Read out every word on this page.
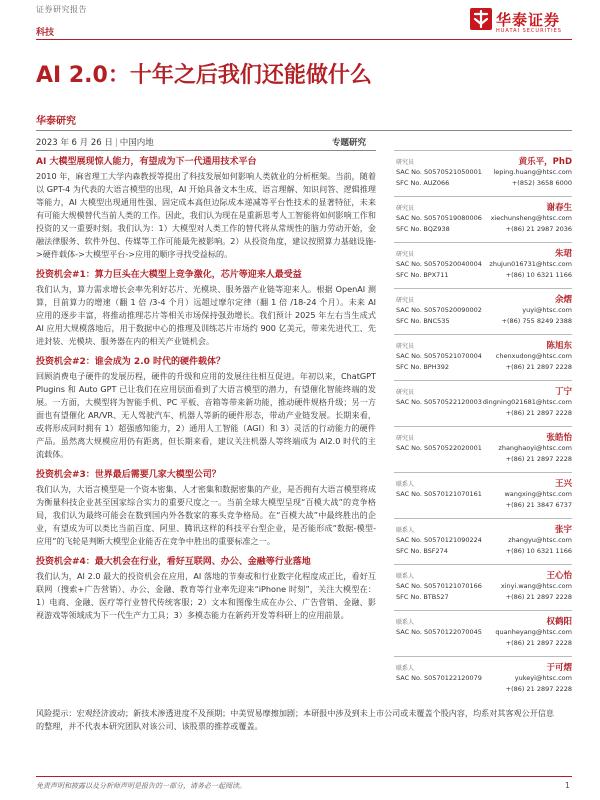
证券研究报告
科技
华泰证券
HUATAI SECURITIES
AI 2.0：十年之后我们还能做什么
华泰研究
2023 年 6 月 26 日 | 中国内地	专题研究
AI 大模型展现惊人能力，有望成为下一代通用技术平台

2010 年，麻省理工大学内森教授等提出了科技发展如何影响人类就业的分析框架。当前，随着以 GPT-4 为代表的大语言模型的出现，AI 开始具备文本生成、语言理解、知识问答、逻辑推理等能力，AI 大模型出现通用性强、固定成本高但边际成本递减等平台性技术的显著特征，未来有可能大规模替代当前人类的工作。因此，我们认为现在是重新思考人工智能将如何影响工作和投资的又一重要时刻。我们认为：1）大模型对人类工作的替代将从常规性的脑力劳动开始，金融法律服务、软件外包、传媒等工作可能最先被影响。2）从投资角度，建议按照算力基础设施->硬件载体->大模型平台->应用的顺序寻找受益标的。

投资机会#1：算力巨头在大模型上竞争激化，芯片等迎来人最受益

我们认为，算力需求增长会率先利好芯片、光模块、服务器产业链等迎来人。根据 OpenAI 测算，目前算力的增速（翻 1 倍 /3-4 个月）远超过摩尔定律（翻 1 倍 /18-24 个月）。未来 AI 应用的逐步丰富，将推动推理芯片等相关市场保持强劲增长。我们预计 2025 年左右当生成式 AI 应用大规模落地后，用于数据中心的推理及训练芯片市场约 900 亿美元，带来先进代工、先进封装、光模块、服务器在内的相关产业链机会。

投资机会#2：谁会成为 2.0 时代的硬件载体？

回顾消费电子硬件的发展历程，硬件的升级和应用的发展往往相互促进。年初以来，ChatGPT Plugins 和 Auto GPT 已让我们在应用层面看到了大语言模型的潜力，有望催化智能终端的发展。一方面，大模型将为智能手机、PC 平板、音箱等带来新功能，推动硬件规格升级；另一方面也有望催化 AR/VR、无人驾驶汽车、机器人等新的硬件形态，带动产业链发展。长期来看，或将形成同时拥有 1）超强感知能力，2）通用人工智能（AGI）和 3）灵活的行动能力的硬件产品。虽然离大规模应用仍有距离，但长期来看，建议关注机器人等终端成为 AI2.0 时代的主流载体。

投资机会#3：世界最后需要几家大模型公司？

我们认为，大语言模型是一个资本密集、人才密集和数据密集的产业，是否拥有大语言模型将成为衡量科技企业甚至国家综合实力的重要尺度之一。当前全球大模型呈现“百模大战”的竞争格局，我们认为最终可能会在数到国内外各数家的寡头竞争格局。在“百模大战”中最终胜出的企业，有望成为可以类比当前百度、阿里、腾讯这样的科技平台型企业，是否能形成“数据-模型-应用”的飞轮是判断大模型企业能否在竞争中胜出的重要标准之一。

投资机会#4：最大机会在行业，看好互联网、办公、金融等行业落地

我们认为，AI 2.0 最大的投资机会在应用，AI 落地的节奏或和行业数字化程度成正比，看好互联网（搜索+广告营销）、办公、金融、教育等行业率先迎来“iPhone 时刻”，关注大模型在：1）电商、金融、医疗等行业替代传统客服；2）文本和图像生成在办公、广告营销、金融、影视游戏等领域成为下一代生产力工具；3）多模态能力在新药开发等科研上的应用前景。

风险提示：宏观经济波动；新技术渗透进度不及预期；中美贸易摩擦加剧；本研报中涉及到未上市公司或未覆盖个股内容，均系对其客观公开信息的整理，并不代表本研究团队对该公司、该股票的推荐或覆盖。

研究员	黄乐平，PhD
SAC No. S0570521050001 leping.huang@htsc.com
SFC No. AUZ066	+(852) 3658 6000
研究员	谢春生
SAC No. S0570519080006 xiechunsheng@htsc.com
SFC No. BQZ938	+(86) 21 2987 2036
研究员	朱珺
SAC No. S0570520040004 zhujun016731@htsc.com
SFC No. BPX711	+(86) 10 6321 1166
研究员	余熠
SAC No. S0570520090002	yuyi@htsc.com
SFC No. BNC535	+(86) 755 8249 2388
研究员	陈旭东
SAC No. S0570521070004 chenxudong@htsc.com
SFC No. BPH392	+(86) 21 2897 2228
研究员	丁宁
SAC No. S0570522120003 dingning021681@htsc.com
+(86) 21 2897 2228
研究员	张皓怡
SAC No. S0570522020001	zhanghaoyi@htsc.com
+(86) 21 2897 2228
联系人	王兴
SAC No. S0570121070161	wangxing@htsc.com
+(86) 21 3847 6737
联系人	张宇
SAC No. S0570121090224	zhangyu@htsc.com
SFC No. BSF274	+(86) 10 6321 1166
联系人	王心怡
SAC No. S0570121070166	xinyi.wang@htsc.com
SFC No. BTB527	+(86) 21 2897 2228
联系人	权鹤阳
SAC No. S0570122070045 quanheyang@htsc.com
+(86) 21 2897 2228
联系人	于可熠
SAC No. S0570122120079	yukeyi@htsc.com
+(86) 21 2897 2228
免责声明和披露以及分析师声明是报告的一部分，请务必一起阅读。	1
